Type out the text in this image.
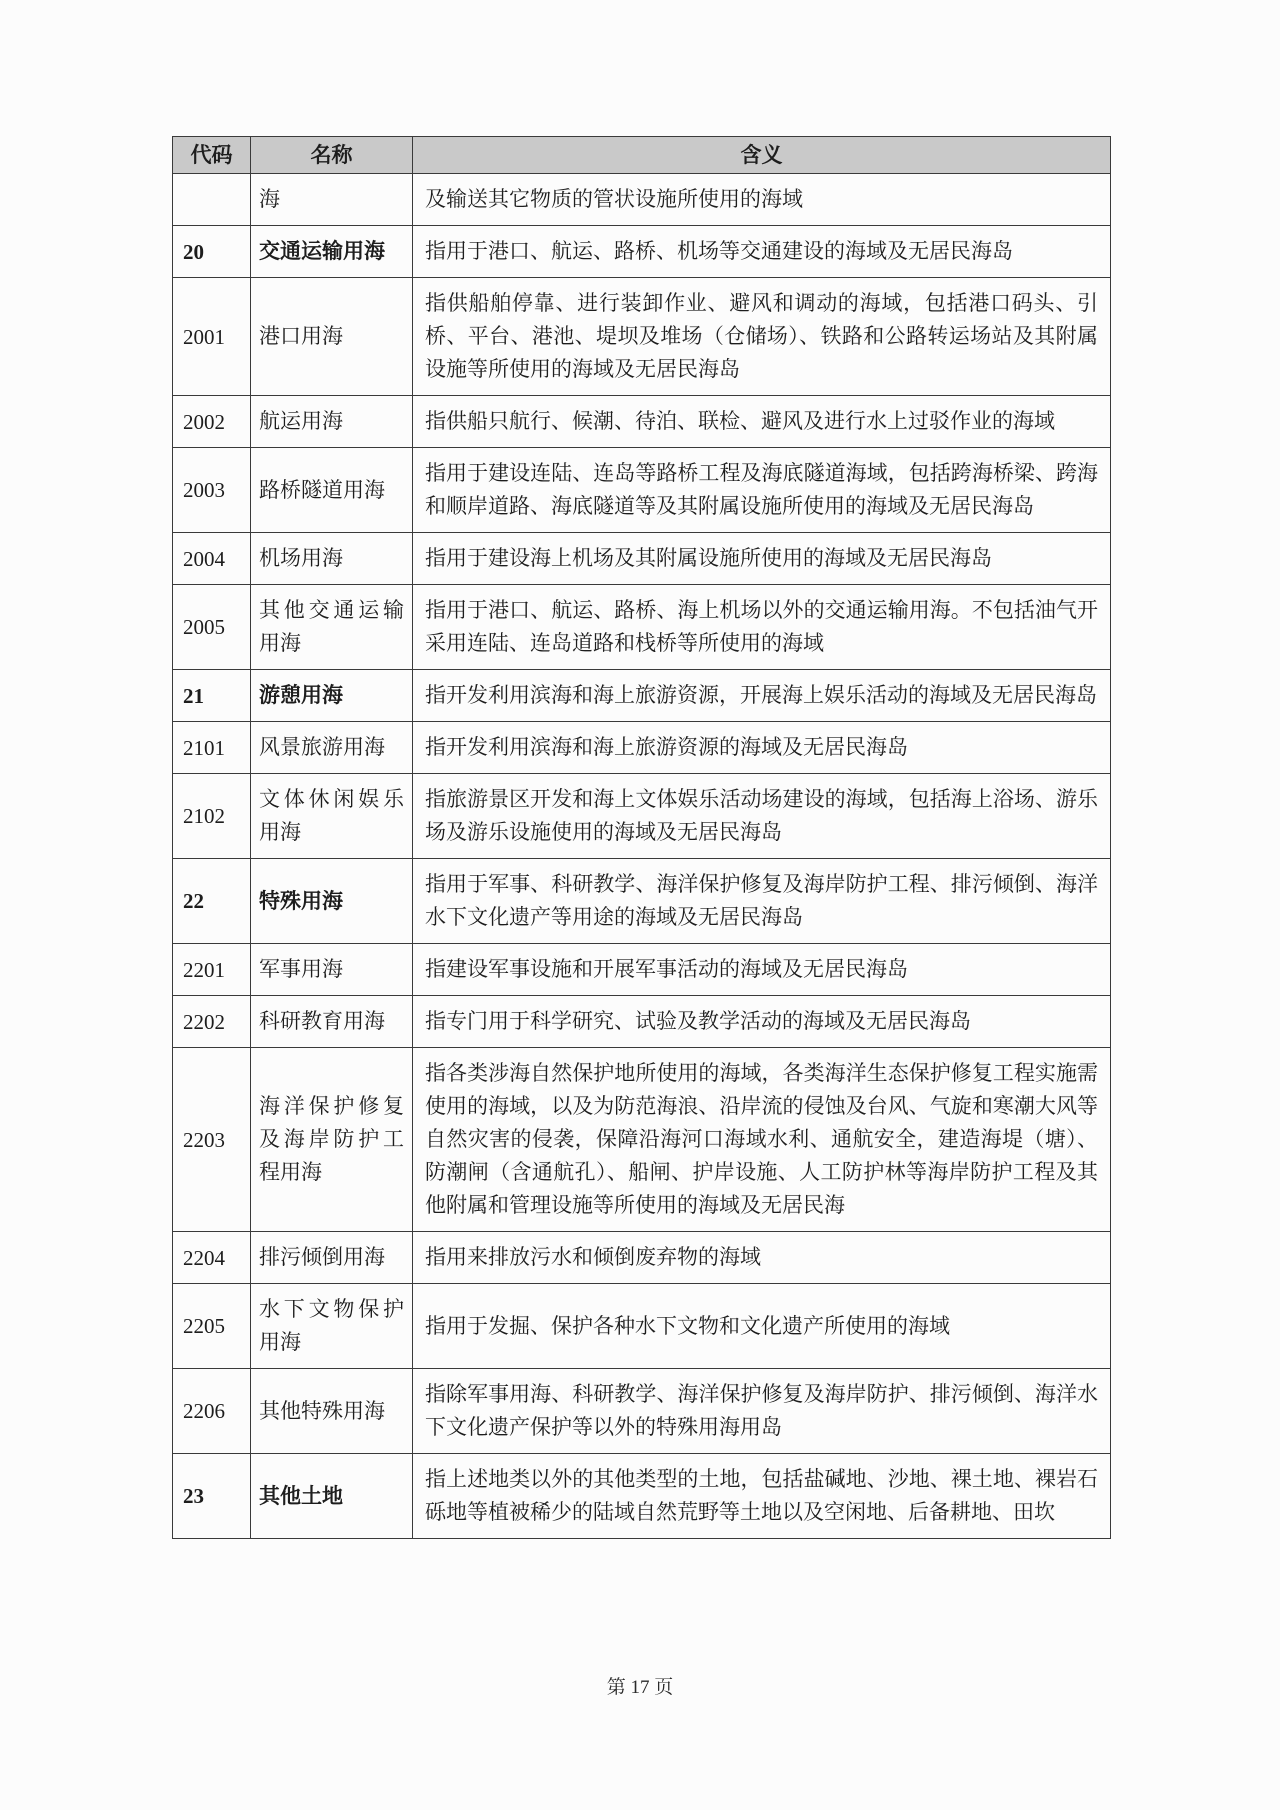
代码	名称	含义
	海	及输送其它物质的管状设施所使用的海域
20	交通运输用海	指用于港口、航运、路桥、机场等交通建设的海域及无居民海岛
2001	港口用海	指供船舶停靠、进行装卸作业、避风和调动的海域，包括港口码头、引桥、平台、港池、堤坝及堆场（仓储场）、铁路和公路转运场站及其附属设施等所使用的海域及无居民海岛
2002	航运用海	指供船只航行、候潮、待泊、联检、避风及进行水上过驳作业的海域
2003	路桥隧道用海	指用于建设连陆、连岛等路桥工程及海底隧道海域，包括跨海桥梁、跨海和顺岸道路、海底隧道等及其附属设施所使用的海域及无居民海岛
2004	机场用海	指用于建设海上机场及其附属设施所使用的海域及无居民海岛
2005	其他交通运输用海	指用于港口、航运、路桥、海上机场以外的交通运输用海。不包括油气开采用连陆、连岛道路和栈桥等所使用的海域
21	游憩用海	指开发利用滨海和海上旅游资源，开展海上娱乐活动的海域及无居民海岛
2101	风景旅游用海	指开发利用滨海和海上旅游资源的海域及无居民海岛
2102	文体休闲娱乐用海	指旅游景区开发和海上文体娱乐活动场建设的海域，包括海上浴场、游乐场及游乐设施使用的海域及无居民海岛
22	特殊用海	指用于军事、科研教学、海洋保护修复及海岸防护工程、排污倾倒、海洋水下文化遗产等用途的海域及无居民海岛
2201	军事用海	指建设军事设施和开展军事活动的海域及无居民海岛
2202	科研教育用海	指专门用于科学研究、试验及教学活动的海域及无居民海岛
2203	海洋保护修复及海岸防护工程用海	指各类涉海自然保护地所使用的海域，各类海洋生态保护修复工程实施需使用的海域，以及为防范海浪、沿岸流的侵蚀及台风、气旋和寒潮大风等自然灾害的侵袭，保障沿海河口海域水利、通航安全，建造海堤（塘）、防潮闸（含通航孔）、船闸、护岸设施、人工防护林等海岸防护工程及其他附属和管理设施等所使用的海域及无居民海
2204	排污倾倒用海	指用来排放污水和倾倒废弃物的海域
2205	水下文物保护用海	指用于发掘、保护各种水下文物和文化遗产所使用的海域
2206	其他特殊用海	指除军事用海、科研教学、海洋保护修复及海岸防护、排污倾倒、海洋水下文化遗产保护等以外的特殊用海用岛
23	其他土地	指上述地类以外的其他类型的土地，包括盐碱地、沙地、裸土地、裸岩石砾地等植被稀少的陆域自然荒野等土地以及空闲地、后备耕地、田坎
第 17 页
